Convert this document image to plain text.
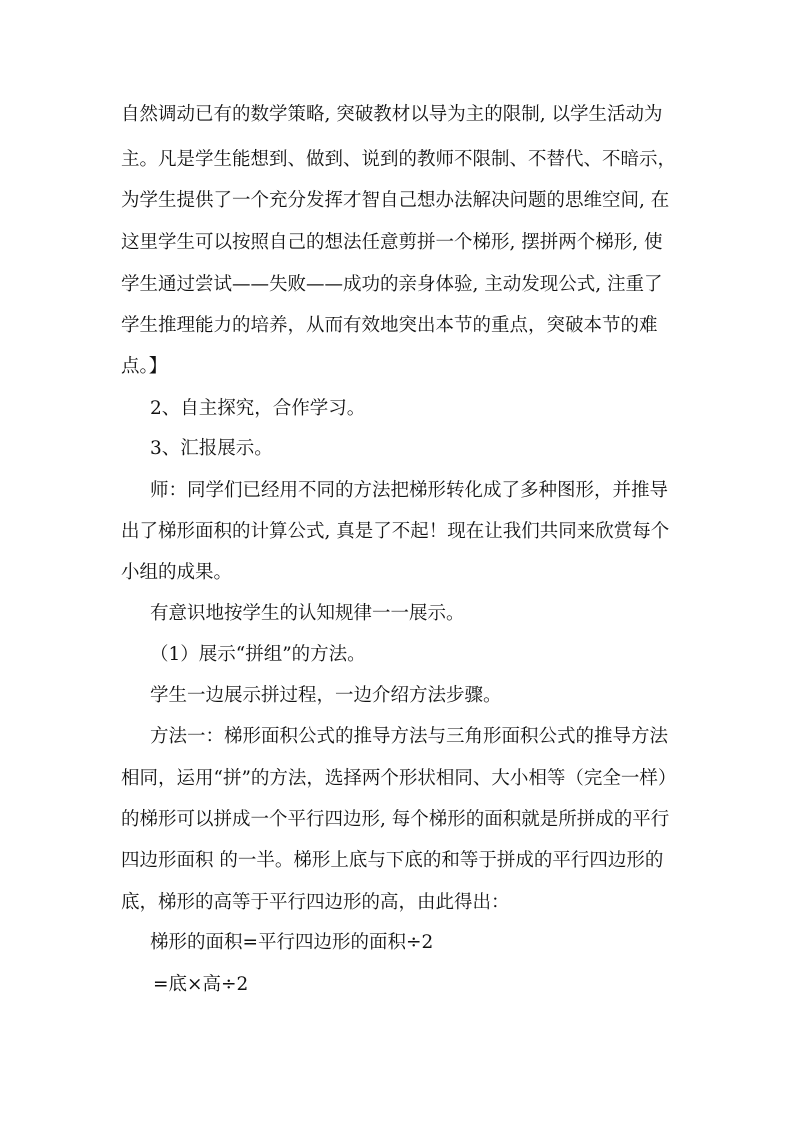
自然调动已有的数学策略, 突破教材以导为主的限制, 以学生活动为
主。凡是学生能想到、做到、说到的教师不限制、不替代、不暗示，
为学生提供了一个充分发挥才智自己想办法解决问题的思维空间, 在
这里学生可以按照自己的想法任意剪拼一个梯形, 摆拼两个梯形, 使
学生通过尝试——失败——成功的亲身体验, 主动发现公式, 注重了
学生推理能力的培养，从而有效地突出本节的重点，突破本节的难
点。】
2、自主探究，合作学习。
3、汇报展示。
师：同学们已经用不同的方法把梯形转化成了多种图形，并推导
出了梯形面积的计算公式, 真是了不起！现在让我们共同来欣赏每个
小组的成果。
有意识地按学生的认知规律一一展示。
（1）展示“拼组”的方法。
学生一边展示拼过程，一边介绍方法步骤。
方法一：梯形面积公式的推导方法与三角形面积公式的推导方法
相同，运用“拼”的方法，选择两个形状相同、大小相等（完全一样）
的梯形可以拼成一个平行四边形, 每个梯形的面积就是所拼成的平行
四边形面积 的一半。梯形上底与下底的和等于拼成的平行四边形的
底，梯形的高等于平行四边形的高，由此得出：
梯形的面积=平行四边形的面积÷2
=底×高÷2
